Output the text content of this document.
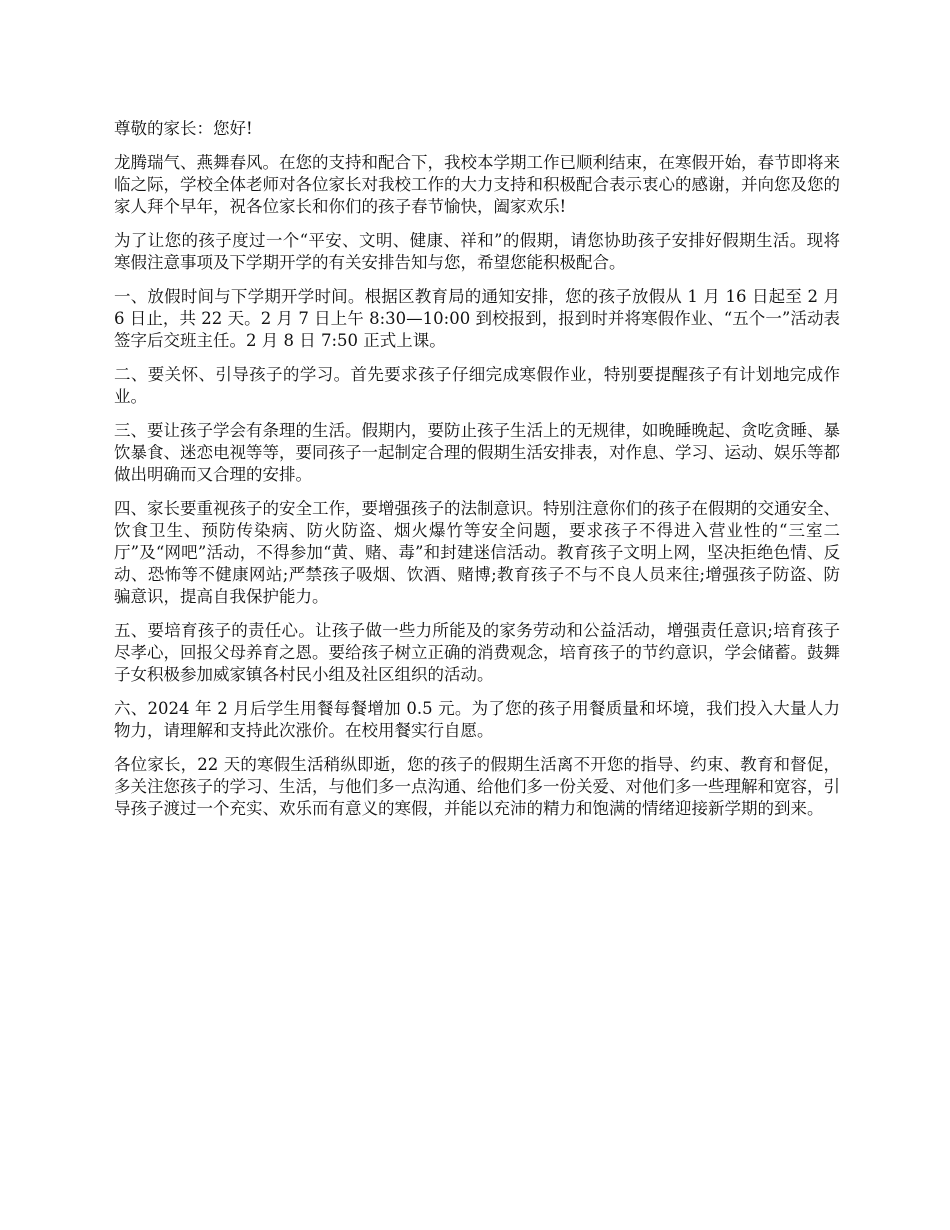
尊敬的家长：您好!

龙腾瑞气、燕舞春风。在您的支持和配合下，我校本学期工作已顺利结束，在寒假开始，春节即将来临之际，学校全体老师对各位家长对我校工作的大力支持和积极配合表示衷心的感谢，并向您及您的家人拜个早年，祝各位家长和你们的孩子春节愉快，阖家欢乐!

为了让您的孩子度过一个“平安、文明、健康、祥和”的假期，请您协助孩子安排好假期生活。现将寒假注意事项及下学期开学的有关安排告知与您，希望您能积极配合。

一、放假时间与下学期开学时间。根据区教育局的通知安排，您的孩子放假从 1 月 16 日起至 2 月 6 日止，共 22 天。2 月 7 日上午 8:30—10:00 到校报到，报到时并将寒假作业、“五个一”活动表签字后交班主任。2 月 8 日 7:50 正式上课。

二、要关怀、引导孩子的学习。首先要求孩子仔细完成寒假作业，特别要提醒孩子有计划地完成作业。

三、要让孩子学会有条理的生活。假期内，要防止孩子生活上的无规律，如晚睡晚起、贪吃贪睡、暴饮暴食、迷恋电视等等，要同孩子一起制定合理的假期生活安排表，对作息、学习、运动、娱乐等都做出明确而又合理的安排。

四、家长要重视孩子的安全工作，要增强孩子的法制意识。特别注意你们的孩子在假期的交通安全、饮食卫生、预防传染病、防火防盗、烟火爆竹等安全问题，要求孩子不得进入营业性的“三室二厅”及“网吧”活动，不得参加“黄、赌、毒”和封建迷信活动。教育孩子文明上网，坚决拒绝色情、反动、恐怖等不健康网站;严禁孩子吸烟、饮酒、赌博;教育孩子不与不良人员来往;增强孩子防盗、防骗意识，提高自我保护能力。

五、要培育孩子的责任心。让孩子做一些力所能及的家务劳动和公益活动，增强责任意识;培育孩子尽孝心，回报父母养育之恩。要给孩子树立正确的消费观念，培育孩子的节约意识，学会储蓄。鼓舞子女积极参加威家镇各村民小组及社区组织的活动。

六、2024 年 2 月后学生用餐每餐增加 0.5 元。为了您的孩子用餐质量和坏境，我们投入大量人力物力，请理解和支持此次涨价。在校用餐实行自愿。

各位家长，22 天的寒假生活稍纵即逝，您的孩子的假期生活离不开您的指导、约束、教育和督促，多关注您孩子的学习、生活，与他们多一点沟通、给他们多一份关爱、对他们多一些理解和宽容，引导孩子渡过一个充实、欢乐而有意义的寒假，并能以充沛的精力和饱满的情绪迎接新学期的到来。
